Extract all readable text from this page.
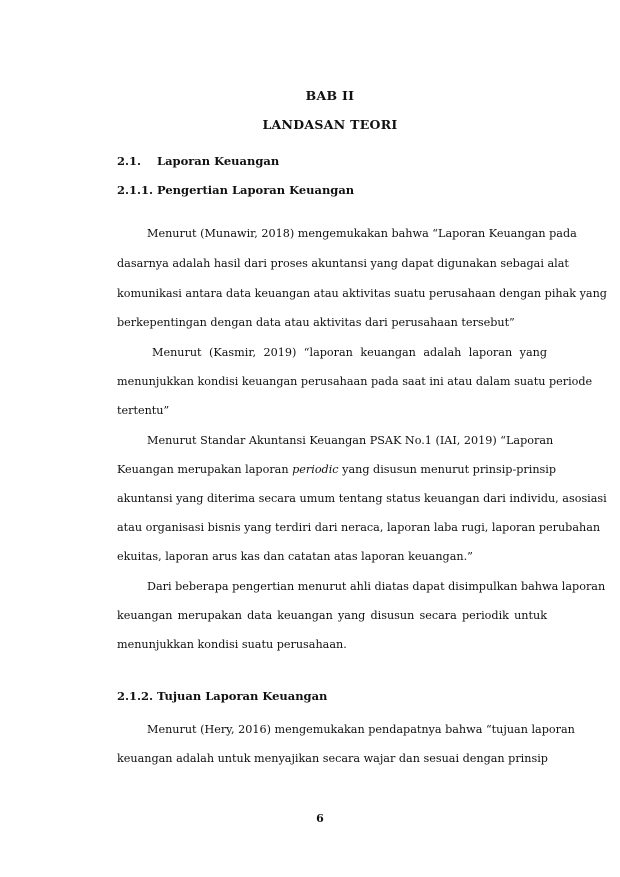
BAB II
LANDASAN TEORI
2.1. Laporan Keuangan
2.1.1. Pengertian Laporan Keuangan
Menurut (Munawir, 2018) mengemukakan bahwa “Laporan Keuangan pada
dasarnya adalah hasil dari proses akuntansi yang dapat digunakan sebagai alat
komunikasi antara data keuangan atau aktivitas suatu perusahaan dengan pihak yang
berkepentingan dengan data atau aktivitas dari perusahaan tersebut”
Menurut (Kasmir, 2019) “laporan keuangan adalah laporan yang
menunjukkan kondisi keuangan perusahaan pada saat ini atau dalam suatu periode
tertentu”
Menurut Standar Akuntansi Keuangan PSAK No.1 (IAI, 2019) “Laporan
Keuangan merupakan laporan periodic yang disusun menurut prinsip-prinsip
akuntansi yang diterima secara umum tentang status keuangan dari individu, asosiasi
atau organisasi bisnis yang terdiri dari neraca, laporan laba rugi, laporan perubahan
ekuitas, laporan arus kas dan catatan atas laporan keuangan.”
Dari beberapa pengertian menurut ahli diatas dapat disimpulkan bahwa laporan
keuangan merupakan data keuangan yang disusun secara periodik untuk
menunjukkan kondisi suatu perusahaan.
2.1.2. Tujuan Laporan Keuangan
Menurut (Hery, 2016) mengemukakan pendapatnya bahwa “tujuan laporan
keuangan adalah untuk menyajikan secara wajar dan sesuai dengan prinsip
6
